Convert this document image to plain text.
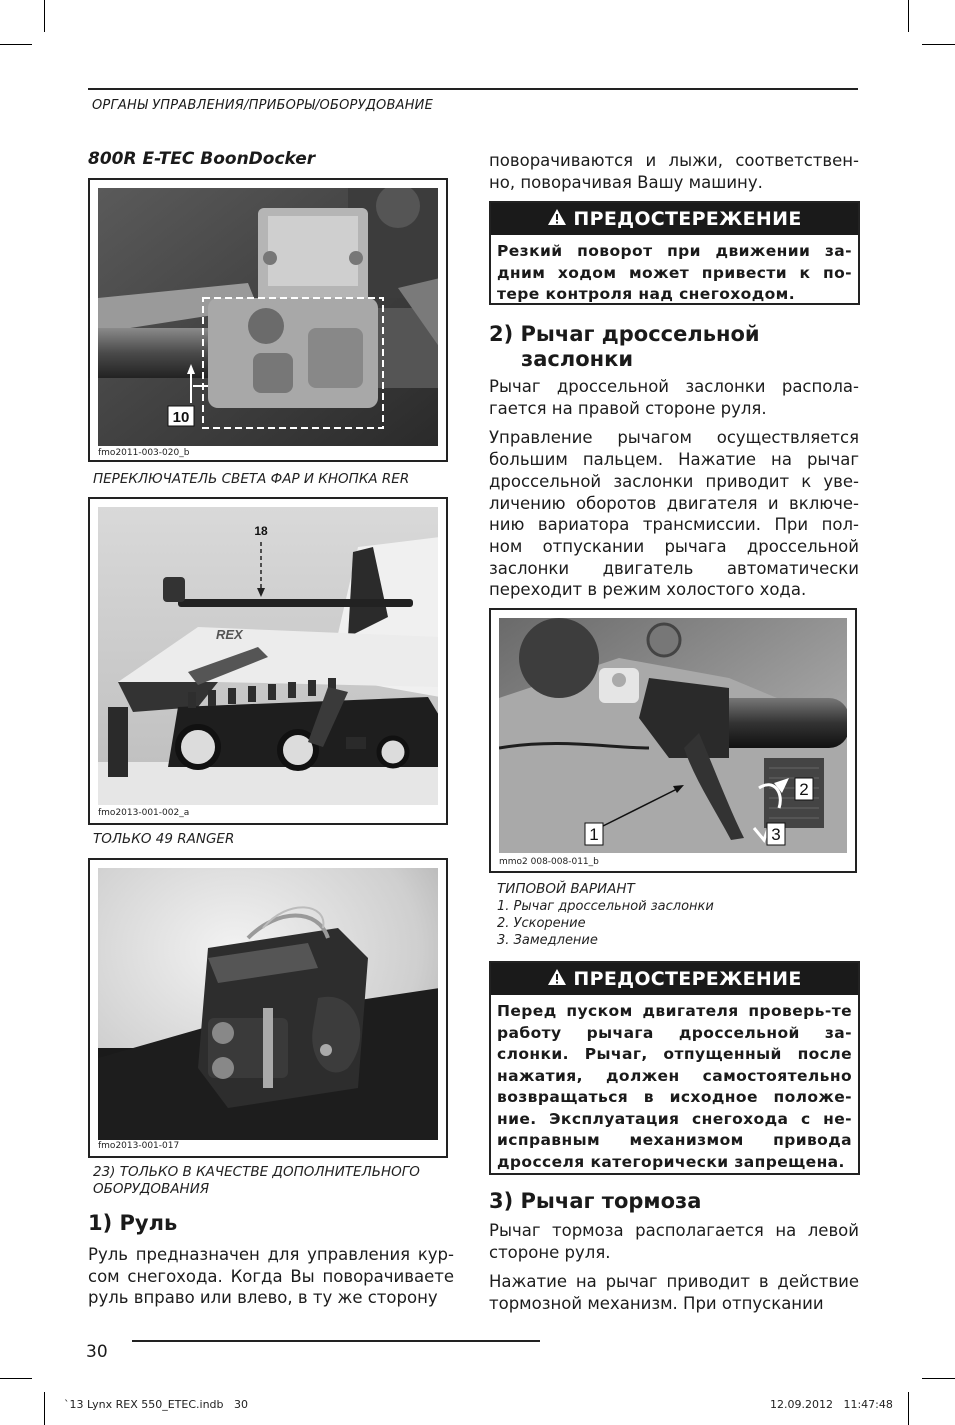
ОРГАНЫ УПРАВЛЕНИЯ/ПРИБОРЫ/ОБОРУДОВАНИЕ
800R E-TEC BoonDocker
10
fmo2011-003-020_b
ПЕРЕКЛЮЧАТЕЛЬ СВЕТА ФАР И КНОПКА RER
REX
18
fmo2013-001-002_a
ТОЛЬКО 49 RANGER
fmo2013-001-017
23) ТОЛЬКО В КАЧЕСТВЕ ДОПОЛНИТЕЛЬНОГО ОБОРУДОВАНИЯ
1) Руль
Руль предназначен для управления кур-сом снегохода. Когда Вы поворачиваете руль вправо или влево, в ту же сторону
поворачиваются и лыжи, соответствен-но, поворачивая Вашу машину.
ПРЕДОСТЕРЕЖЕНИЕ
Резкий поворот при движении за-дним ходом может привести к по-тере контроля над снегоходом.
2) Рычаг дроссельной
заслонки

Рычаг дроссельной заслонки распола-гается на правой стороне руля.

Управление рычагом осуществляется большим пальцем. Нажатие на рычаг дроссельной заслонки приводит к уве-личению оборотов двигателя и включе-нию вариатора трансмиссии. При пол-ном отпускании рычага дроссельной заслонки двигатель автоматически переходит в режим холостого хода.

1
2
3
mmo2 008-008-011_b
ТИПОВОЙ ВАРИАНТ
1. Рычаг дроссельной заслонки
2. Ускорение
3. Замедление
ПРЕДОСТЕРЕЖЕНИЕ
Перед пуском двигателя проверь-те работу рычага дроссельной за-слонки. Рычаг, отпущенный после нажатия, должен самостоятельно возвращаться в исходное положе-ние. Эксплуатация снегохода с не-исправным механизмом привода дросселя категорически запрещена.
3) Рычаг тормоза

Рычаг тормоза располагается на левой стороне руля.

Нажатие на рычаг приводит в действие тормозной механизм. При отпускании

30
`13 Lynx REX 550_ETEC.indb   30	12.09.2012   11:47:48
